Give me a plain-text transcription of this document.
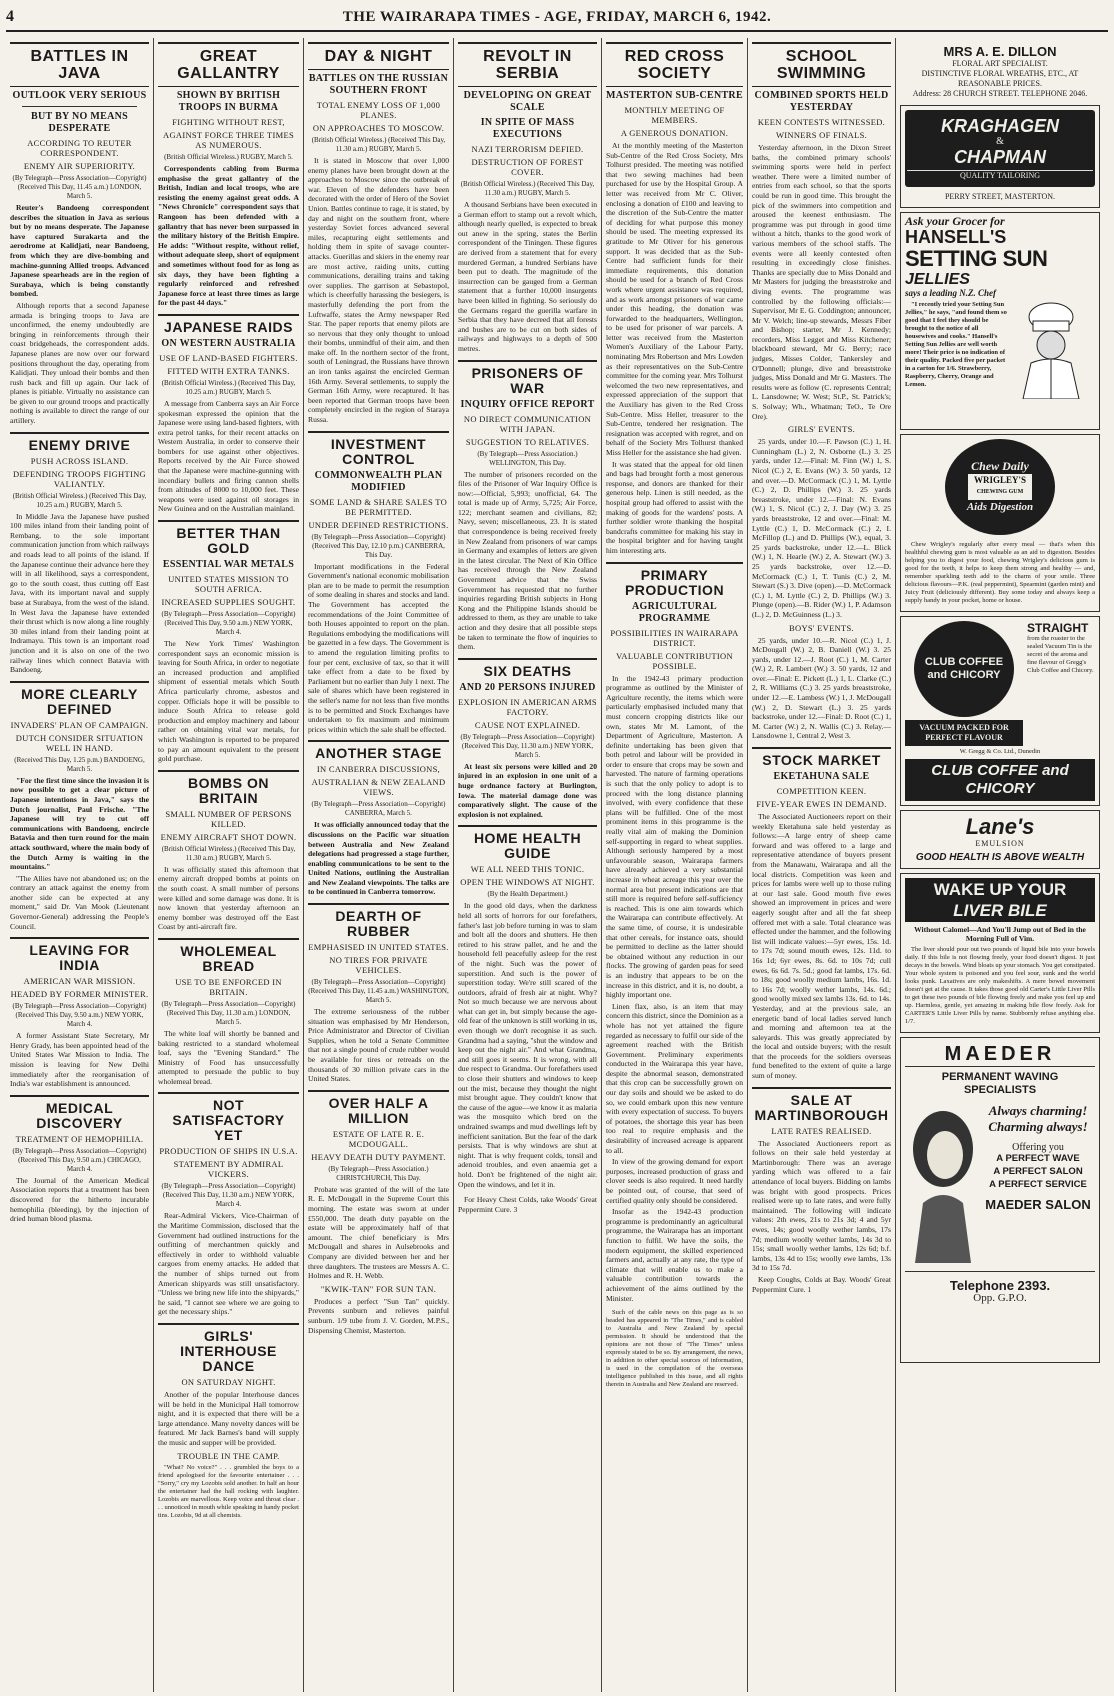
4	THE WAIRARAPA TIMES - AGE, FRIDAY, MARCH 6, 1942.
BATTLES IN JAVA
OUTLOOK VERY SERIOUS
BUT BY NO MEANS DESPERATE
ACCORDING TO REUTER CORRESPONDENT.
ENEMY AIR SUPERIORITY.
(By Telegraph—Press Association—Copyright) (Received This Day, 11.45 a.m.) LONDON, March 5.

Reuter's Bandoeng correspondent describes the situation in Java as serious but by no means desperate. The Japanese have captured Surakarta and the aerodrome at Kalidjati, near Bandoeng, from which they are dive-bombing and machine-gunning Allied troops. Advanced Japanese spearheads are in the region of Surabaya, which is being constantly bombed.

Although reports that a second Japanese armada is bringing troops to Java are unconfirmed, the enemy undoubtedly are bringing in reinforcements through their coast bridgeheads, the correspondent adds. Japanese planes are now over our forward positions throughout the day, operating from Kalidjati. They unload their bombs and then rush back and fill up again. Our lack of planes is pitiable. Virtually no assistance can be given to our ground troops and practically nothing is available to direct the range of our artillery.

ENEMY DRIVE
PUSH ACROSS ISLAND.
DEFENDING TROOPS FIGHTING VALIANTLY.
(British Official Wireless.) (Received This Day, 10.25 a.m.) RUGBY, March 5.

In Middle Java the Japanese have pushed 100 miles inland from their landing point of Rembang, to the sole important communication junction from which railways and roads lead to all points of the island. If the Japanese continue their advance here they will in all likelihood, says a correspondent, go to the south coast, thus cutting off East Java, with its important naval and supply base at Surabaya, from the west of the island. In West Java the Japanese have extended their thrust which is now along a line roughly 30 miles inland from their landing point at Indramayu. This town is an important road junction and it is also on one of the two railway lines which connect Batavia with Bandoeng.

MORE CLEARLY DEFINED
INVADERS' PLAN OF CAMPAIGN.
DUTCH CONSIDER SITUATION WELL IN HAND.
(Received This Day, 1.25 p.m.) BANDOENG, March 5.

"For the first time since the invasion it is now possible to get a clear picture of Japanese intentions in Java," says the Dutch journalist, Paul Frische. "The Japanese will try to cut off communications with Bandoeng, encircle Batavia and then turn round for the main attack southward, where the main body of the Dutch Army is waiting in the mountains."

"The Allies have not abandoned us; on the contrary an attack against the enemy from another side can be expected at any moment," said Dr. Van Mook (Lieutenant Governor-General) addressing the People's Council.

LEAVING FOR INDIA
AMERICAN WAR MISSION.
HEADED BY FORMER MINISTER.
(By Telegraph—Press Association—Copyright) (Received This Day, 9.50 a.m.) NEW YORK, March 4.

A former Assistant State Secretary, Mr Henry Grady, has been appointed head of the United States War Mission to India. The mission is leaving for New Delhi immediately after the reorganisation of India's war establishment is announced.

MEDICAL DISCOVERY
TREATMENT OF HEMOPHILIA.
(By Telegraph—Press Association—Copyright) (Received This Day, 9.50 a.m.) CHICAGO, March 4.

The Journal of the American Medical Association reports that a treatment has been discovered for the hitherto incurable hemophilia (bleeding), by the injection of dried human blood plasma.

GREAT GALLANTRY
SHOWN BY BRITISH TROOPS IN BURMA
FIGHTING WITHOUT REST,
AGAINST FORCE THREE TIMES AS NUMEROUS.
(British Official Wireless.) RUGBY, March 5.

Correspondents cabling from Burma emphasise the great gallantry of the British, Indian and local troops, who are resisting the enemy against great odds. A "News Chronicle" correspondent says that Rangoon has been defended with a gallantry that has never been surpassed in the military history of the British Empire. He adds: "Without respite, without relief, without adequate sleep, short of equipment and sometimes without food for as long as six days, they have been fighting a regularly reinforced and refreshed Japanese force at least three times as large for the past 44 days."

JAPANESE RAIDS
ON WESTERN AUSTRALIA
USE OF LAND-BASED FIGHTERS.
FITTED WITH EXTRA TANKS.
(British Official Wireless.) (Received This Day, 10.25 a.m.) RUGBY, March 5.

A message from Canberra says an Air Force spokesman expressed the opinion that the Japanese were using land-based fighters, with extra petrol tanks, for their recent attacks on Western Australia, in order to conserve their bombers for use against other objectives. Reports received by the Air Force showed that the Japanese were machine-gunning with incendiary bullets and firing cannon shells from altitudes of 8000 to 10,000 feet. These weapons were used against oil storages in New Guinea and on the Australian mainland.

BETTER THAN GOLD
ESSENTIAL WAR METALS
UNITED STATES MISSION TO SOUTH AFRICA.
INCREASED SUPPLIES SOUGHT.
(By Telegraph—Press Association—Copyright) (Received This Day, 9.50 a.m.) NEW YORK, March 4.

The New York Times' Washington correspondent says an economic mission is leaving for South Africa, in order to negotiate an increased production and amplified shipment of essential metals which South Africa particularly chrome, asbestos and copper. Officials hope it will be possible to induce South Africa to release gold production and employ machinery and labour rather on obtaining vital war metals, for which Washington is reported to be prepared to pay an amount equivalent to the present gold purchase.

BOMBS ON BRITAIN
SMALL NUMBER OF PERSONS KILLED.
ENEMY AIRCRAFT SHOT DOWN.
(British Official Wireless.) (Received This Day, 11.30 a.m.) RUGBY, March 5.

It was officially stated this afternoon that enemy aircraft dropped bombs at points on the south coast. A small number of persons were killed and some damage was done. It is now known that yesterday afternoon an enemy bomber was destroyed off the East Coast by anti-aircraft fire.

WHOLEMEAL BREAD
USE TO BE ENFORCED IN BRITAIN.
(By Telegraph—Press Association—Copyright) (Received This Day, 11.30 a.m.) LONDON, March 5.

The white loaf will shortly be banned and baking restricted to a standard wholemeal loaf, says the "Evening Standard." The Ministry of Food has unsuccessfully attempted to persuade the public to buy wholemeal bread.

NOT SATISFACTORY YET
PRODUCTION OF SHIPS IN U.S.A.
STATEMENT BY ADMIRAL VICKERS.
(By Telegraph—Press Association—Copyright) (Received This Day, 11.30 a.m.) NEW YORK, March 4.

Rear-Admiral Vickers, Vice-Chairman of the Maritime Commission, disclosed that the Government had outlined instructions for the outfitting of merchantmen quickly and effectively in order to withhold valuable cargoes from enemy attacks. He added that the number of ships turned out from American shipyards was still unsatisfactory. "Unless we bring new life into the shipyards," he said, "I cannot see where we are going to get the necessary ships."

GIRLS' INTERHOUSE DANCE
ON SATURDAY NIGHT.

Another of the popular Interhouse dances will be held in the Municipal Hall tomorrow night, and it is expected that there will be a large attendance. Many novelty dances will be featured. Mr Jack Barnes's band will supply the music and supper will be provided.

TROUBLE IN THE CAMP.

"What? No voice?" . . . grumbled the boys to a friend apologised for the favourite entertainer . . . "Sorry," cry my Lozobis sold another. In half an hour the entertainer had the hall rocking with laughter. Lozobis are marvellous. Keep voice and throat clear . . . unnoticed in mouth while speaking in handy pocket tins. Lozobis, 9d at all chemists.

DAY & NIGHT
BATTLES ON THE RUSSIAN SOUTHERN FRONT
TOTAL ENEMY LOSS OF 1,000 PLANES.
ON APPROACHES TO MOSCOW.
(British Official Wireless.) (Received This Day, 11.30 a.m.) RUGBY, March 5.

It is stated in Moscow that over 1,000 enemy planes have been brought down at the approaches to Moscow since the outbreak of war. Eleven of the defenders have been decorated with the order of Hero of the Soviet Union. Battles continue to rage, it is stated, by day and night on the southern front, where yesterday Soviet forces advanced several miles, recapturing eight settlements and holding them in spite of savage counter-attacks. Guerillas and skiers in the enemy rear are most active, raiding units, cutting communications, derailing trains and taking over supplies. The garrison at Sebastopol, which is cheerfully harassing the besiegers, is masterfully defending the port from the Luftwaffe, states the Army newspaper Red Star. The paper reports that enemy pilots are so nervous that they only thought to unload their bombs, unmindful of their aim, and then make off. In the northern sector of the front, south of Leningrad, the Russians have thrown an iron tanks against the encircled German 16th Army. Several settlements, to supply the German 16th Army, were recaptured. It has been reported that German troops have been completely encircled in the region of Staraya Russa.

INVESTMENT CONTROL
COMMONWEALTH PLAN MODIFIED
SOME LAND & SHARE SALES TO BE PERMITTED.
UNDER DEFINED RESTRICTIONS.
(By Telegraph—Press Association—Copyright) (Received This Day, 12.10 p.m.) CANBERRA, This Day.

Important modifications in the Federal Government's national economic mobilisation plan are to be made to permit the resumption of some dealing in shares and stocks and land. The Government has accepted the recommendations of the Joint Committee of both Houses appointed to report on the plan. Regulations embodying the modifications will be gazetted in a few days. The Government is to amend the regulation limiting profits to four per cent, exclusive of tax, so that it will take effect from a date to be fixed by Parliament but no earlier than July 1 next. The sale of shares which have been registered in the seller's name for not less than five months is to be permitted and Stock Exchanges have undertaken to fix maximum and minimum prices within which the sale shall be effected.

ANOTHER STAGE
IN CANBERRA DISCUSSIONS,
AUSTRALIAN & NEW ZEALAND VIEWS.
(By Telegraph—Press Association—Copyright) CANBERRA, March 5.

It was officially announced today that the discussions on the Pacific war situation between Australia and New Zealand delegations had progressed a stage further, enabling communications to be sent to the United Nations, outlining the Australian and New Zealand viewpoints. The talks are to be continued in Canberra tomorrow.

DEARTH OF RUBBER
EMPHASISED IN UNITED STATES.
NO TIRES FOR PRIVATE VEHICLES.
(By Telegraph—Press Association—Copyright) (Received This Day, 11.45 a.m.) WASHINGTON, March 5.

The extreme seriousness of the rubber situation was emphasised by Mr Henderson, Price Administrator and Director of Civilian Supplies, when he told a Senate Committee that not a single pound of crude rubber would be available for tires or retreads on the thousands of 30 million private cars in the United States.

OVER HALF A MILLION
ESTATE OF LATE R. E. MCDOUGALL.
HEAVY DEATH DUTY PAYMENT.
(By Telegraph—Press Association.) CHRISTCHURCH, This Day.

Probate was granted of the will of the late R. E. McDougall in the Supreme Court this morning. The estate was sworn at under £550,000. The death duty payable on the estate will be approximately half of that amount. The chief beneficiary is Mrs McDougall and shares in Aulsebrooks and Company are divided between her and her three daughters. The trustees are Messrs A. C. Holmes and R. H. Webb.

"KWIK-TAN" FOR SUN TAN.

Produces a perfect "Sun Tan" quickly. Prevents sunburn and relieves painful sunburn. 1/9 tube from J. V. Gorden, M.P.S., Dispensing Chemist, Masterton.

REVOLT IN SERBIA
DEVELOPING ON GREAT SCALE
IN SPITE OF MASS EXECUTIONS
NAZI TERRORISM DEFIED.
DESTRUCTION OF FOREST COVER.
(British Official Wireless.) (Received This Day, 11.30 a.m.) RUGBY, March 5.

A thousand Serbians have been executed in a German effort to stamp out a revolt which, although nearly quelled, is expected to break out anew in the spring, states the Berlin correspondent of the Tiningen. These figures are derived from a statement that for every murdered German, a hundred Serbians have been put to death. The magnitude of the insurrection can be gauged from a German statement that a further 10,000 insurgents have been killed in fighting. So seriously do the Germans regard the guerilla warfare in Serbia that they have decreed that all forests and bushes are to be cut on both sides of railways and highways to a depth of 500 metres.

PRISONERS OF WAR
INQUIRY OFFICE REPORT
NO DIRECT COMMUNICATION WITH JAPAN.
SUGGESTION TO RELATIVES.
(By Telegraph—Press Association.) WELLINGTON, This Day.

The number of prisoners recorded on the files of the Prisoner of War Inquiry Office is now:—Official, 5,993; unofficial, 64. The total is made up of Army, 5,725; Air Force, 122; merchant seamen and civilians, 82; Navy, seven; miscellaneous, 23. It is stated that correspondence is being received freely in New Zealand from prisoners of war camps in Germany and examples of letters are given in the latest circular. The Next of Kin Office has received through the New Zealand Government advice that the Swiss Government has requested that no further inquiries regarding British subjects in Hong Kong and the Philippine Islands should be addressed to them, as they are unable to take action and they desire that all possible steps be taken to terminate the flow of inquiries to them.

SIX DEATHS
AND 20 PERSONS INJURED
EXPLOSION IN AMERICAN ARMS FACTORY.
CAUSE NOT EXPLAINED.
(By Telegraph—Press Association—Copyright) (Received This Day, 11.30 a.m.) NEW YORK, March 5.

At least six persons were killed and 20 injured in an explosion in one unit of a huge ordnance factory at Burlington, Iowa. The material damage done was comparatively slight. The cause of the explosion is not explained.

HOME HEALTH GUIDE
WE ALL NEED THIS TONIC.
OPEN THE WINDOWS AT NIGHT.
(By the Health Department.)

In the good old days, when the darkness held all sorts of horrors for our forefathers, father's last job before turning in was to slam and bolt all the doors and shutters. He then retired to his straw pallet, and he and the household fell peacefully asleep for the rest of the night. Such was the power of superstition. And such is the power of superstition today. We're still scared of the outdoors, afraid of fresh air at night. Why? Not so much because we are nervous about what can get in, but simply because the age-old fear of the unknown is still working in us, even though we don't recognise it as such. Grandma had a saying, "shut the window and keep out the night air." And what Grandma, and still goes it seems. It is wrong, with all due respect to Grandma. Our forefathers used to close their shutters and windows to keep out the mist, because they thought the night mist brought ague. They couldn't know that the cause of the ague—we know it as malaria was the mosquito which bred on the undrained swamps and mud dwellings left by inefficient sanitation. But the fear of the dark persists. That is why windows are shut at night. That is why frequent colds, tonsil and adenoid troubles, and even anaemia get a hold. Don't be frightened of the night air. Open the windows, and let it in.

For Heavy Chest Colds, take Woods' Great Peppermint Cure. 3

RED CROSS SOCIETY
MASTERTON SUB-CENTRE
MONTHLY MEETING OF MEMBERS.
A GENEROUS DONATION.

At the monthly meeting of the Masterton Sub-Centre of the Red Cross Society, Mrs Tolhurst presided. The meeting was notified that two sewing machines had been purchased for use by the Hospital Group. A letter was received from Mr C. Oliver, enclosing a donation of £100 and leaving to the discretion of the Sub-Centre the matter of deciding for what purpose this money should be used. The meeting expressed its gratitude to Mr Oliver for his generous support. It was decided that as the Sub-Centre had sufficient funds for their immediate requirements, this donation should be used for a branch of Red Cross work where urgent assistance was required, and as work amongst prisoners of war came under this heading, the donation was forwarded to the headquarters, Wellington, to be used for prisoner of war parcels. A letter was received from the Masterton Women's Auxiliary of the Labour Party, nominating Mrs Robertson and Mrs Lowden as their representatives on the Sub-Centre committee for the coming year. Mrs Tolhurst welcomed the two new representatives, and expressed appreciation of the support that the Auxiliary has given to the Red Cross Sub-Centre. Miss Heller, treasurer to the Sub-Centre, tendered her resignation. The resignation was accepted with regret, and on behalf of the Society Mrs Tolhurst thanked Miss Heller for the assistance she had given.

It was stated that the appeal for old linen and bags had brought forth a most generous response, and donors are thanked for their generous help. Linen is still needed, as the hospital group had offered to assist with the making of goods for the wardens' posts. A further soldier wrote thanking the hospital bandcrafts committee for making his stay in the hospital brighter and for having taught him interesting arts.

PRIMARY PRODUCTION
AGRICULTURAL PROGRAMME
POSSIBILITIES IN WAIRARAPA DISTRICT.
VALUABLE CONTRIBUTION POSSIBLE.

In the 1942-43 primary production programme as outlined by the Minister of Agriculture recently, the items which were particularly emphasised included many that must concern cropping districts like our own, states Mr M. Lamont, of the Department of Agriculture, Masterton. A definite undertaking has been given that both petrol and labour will be provided in order to ensure that crops may be sown and harvested. The nature of farming operations is such that the only policy to adopt is to proceed with the long distance planning involved, with every confidence that these plans will be fulfilled. One of the most prominent items in this programme is the really vital aim of making the Dominion self-supporting in regard to wheat supplies. Although seriously hampered by a most unfavourable season, Wairarapa farmers have already achieved a very substantial increase in wheat acreage this year over the normal area but present indications are that still more is required before self-sufficiency is reached. This is one aim towards which the Wairarapa can contribute effectively. At the same time, of course, it is undesirable that other cereals, for instance oats, should be permitted to decline as the latter should be obtained without any reduction in our flocks. The growing of garden peas for seed is an industry that appears to be on the increase in this district, and it is, no doubt, a highly important one.

Linen flax, also, is an item that may concern this district, since the Dominion as a whole has not yet attained the figure regarded as necessary to fulfil our side of the agreement reached with the British Government. Preliminary experiments conducted in the Wairarapa this year have, despite the abnormal season, demonstrated that this crop can be successfully grown on our day soils and should we be asked to do so, we could embark upon this new venture with every expectation of success. To buyers of potatoes, the shortage this year has been too real to require emphasis and the desirability of increased acreage is apparent to all.

In view of the growing demand for export purposes, increased production of grass and clover seeds is also required. It need hardly be pointed out, of course, that seed of certified quality only should be considered.

Insofar as the 1942-43 production programme is predominantly an agricultural programme, the Wairarapa has an important function to fulfil. We have the soils, the modern equipment, the skilled experienced farmers and, actually at any rate, the type of climate that will enable us to make a valuable contribution towards the achievement of the aims outlined by the Minister.

Such of the cable news on this page as is so headed has appeared in "The Times," and is cabled to Australia and New Zealand by special permission. It should be understood that the opinions are not those of "The Times" unless expressly stated to be so. By arrangement, the news, in addition to other special sources of information, is used in the compilation of the overseas intelligence published in this issue, and all rights therein in Australia and New Zealand are reserved.

SCHOOL SWIMMING
COMBINED SPORTS HELD YESTERDAY
KEEN CONTESTS WITNESSED.
WINNERS OF FINALS.

Yesterday afternoon, in the Dixon Street baths, the combined primary schools' swimming sports were held in perfect weather. There were a limited number of entries from each school, so that the sports could be run in good time. This brought the pick of the swimmers into competition and aroused the keenest enthusiasm. The programme was put through in good time without a hitch, thanks to the good work of various members of the school staffs. The events were all keenly contested often resulting in exceedingly close finishes. Thanks are specially due to Miss Donald and Mr Masters for judging the breaststroke and diving events. The programme was controlled by the following officials:—Supervisor, Mr E. G. Coddington; announcer, Mr V. Welch; line-up stewards, Messrs Fiber and Bishop; starter, Mr J. Kennedy; recorders, Miss Legget and Miss Kitchener; blackboard steward, Mr G. Berry; race judges, Misses Colder, Tankersley and O'Donnell; plunge, dive and breaststroke judges, Miss Donald and Mr G. Masters. The results were as follow (C. represents Central; L. Lansdowne; W. West; St.P., St. Patrick's; S. Solway; Wh., Whatman; TeO., Te Ore Ore).

GIRLS' EVENTS.

25 yards, under 10.—F. Pawson (C.) 1, H. Cunningham (L.) 2, N. Osborne (L.) 3. 25 yards, under 12.—Final: M. Finn (W.) 1, S. Nicol (C.) 2, E. Evans (W.) 3. 50 yards, 12 and over.—D. McCormack (C.) 1, M. Lyttle (C.) 2, D. Phillips (W.) 3. 25 yards breaststroke, under 12.—Final: N. Evans (W.) 1, S. Nicol (C.) 2, J. Day (W.) 3. 25 yards breaststroke, 12 and over.—Final: M. Lyttle (C.) 1, D. McCormack (C.) 2, I. McFillop (L.) and D. Phillips (W.), equal, 3. 25 yards backstroke, under 12.—L. Blick (W.) 1, N. Hearle (W.) 2, A. Stewart (W.) 3. 25 yards backstroke, over 12.—D. McCormack (C.) 1, T. Tunis (C.) 2, M. Stewart (S.) 3. Dive (open).—D. McCormack (C.) 1, M. Lyttle (C.) 2, D. Phillips (W.) 3. Plunge (open).—B. Rider (W.) 1, P. Adamson (L.) 2, D. McGuinness (L.) 3.

BOYS' EVENTS.

25 yards, under 10.—R. Nicol (C.) 1, J. McDougall (W.) 2, B. Daniell (W.) 3. 25 yards, under 12.—J. Root (C.) 1, M. Carter (W.) 2, R. Lambert (W.) 3. 50 yards, 12 and over.—Final: E. Pickett (L.) 1, L. Clarke (C.) 2, R. Williams (C.) 3. 25 yards breaststroke, under 12.—E. Lambess (W.) 1, J. McDougall (W.) 2, D. Stewart (L.) 3. 25 yards backstroke, under 12.—Final: D. Root (C.) 1, M. Carter (W.) 2, N. Wallis (C.) 3. Relay.—Lansdowne 1, Central 2, West 3.

STOCK MARKET
EKETAHUNA SALE
COMPETITION KEEN.
FIVE-YEAR EWES IN DEMAND.

The Associated Auctioneers report on their weekly Eketahuna sale held yesterday as follows:—A large entry of sheep came forward and was offered to a large and representative attendance of buyers present from the Manawatu, Wairarapa and all the local districts. Competition was keen and prices for lambs were well up to those ruling at our last sale. Good mouth five ewes showed an improvement in prices and were eagerly sought after and all the fat sheep offered met with a sale. Total clearance was effected under the hammer, and the following list will indicate values:—5yr ewes, 15s. 1d. to 17s 7d; sound mouth ewes, 12s. 11d. to 16s 1d; 6yr ewes, 8s. 6d. to 10s 7d; cull ewes, 6s 6d. 7s. 5d.; good fat lambs, 17s. 6d. to 18s; good woolly medium lambs, 16s. 1d. to 16s 7d; woolly wether lambs, 14s. 6d.; good woolly mixed sex lambs 13s. 6d. to 14s. Yesterday, and at the previous sale, an energetic band of local ladies served lunch and morning and afternoon tea at the saleyards. This was greatly appreciated by the local and outside buyers; with the result that the proceeds for the soldiers overseas fund benefited to the extent of quite a large sum of money.

SALE AT MARTINBOROUGH
LATE RATES REALISED.

The Associated Auctioneers report as follows on their sale held yesterday at Martinborough: There was an average yarding which was offered to a fair attendance of local buyers. Bidding on lambs was bright with good prospects. Prices realised were up to late rates, and were fully maintained. The following will indicate values: 2th ewes, 21s to 21s 3d; 4 and 5yr ewes, 14s; good woolly wether lambs, 17s 7d; medium woolly wether lambs, 14s 3d to 15s; small woolly wether lambs, 12s 6d; b.f. lambs, 13s 4d to 15s; woolly ewe lambs, 13s 3d to 15s 7d.

Keep Coughs, Colds at Bay. Woods' Great Peppermint Cure. 1

MRS A. E. DILLON
FLORAL ART SPECIALIST.
DISTINCTIVE FLORAL WREATHS, ETC., AT REASONABLE PRICES.
Address: 28 CHURCH STREET. TELEPHONE 2046.
KRAGHAGEN
&
CHAPMAN
QUALITY TAILORING
PERRY STREET, MASTERTON.
Ask your Grocer for
HANSELL'S
SETTING SUN
JELLIES
says a leading N.Z. Chef

"I recently tried your Setting Sun Jellies," he says, "and found them so good that I feel they should be brought to the notice of all housewives and cooks." Hansell's Setting Sun Jellies are well worth more! Their price is no indication of their quality. Packed five per packet in a carton for 1/6. Strawberry, Raspberry, Cherry, Orange and Lemon.

Chew Daily
WRIGLEY'S
CHEWING GUM
Aids Digestion

Chew Wrigley's regularly after every meal — that's when this healthful chewing gum is most valuable as an aid to digestion. Besides helping you to digest your food, chewing Wrigley's delicious gum is good for the teeth, it helps to keep them strong and healthy — and, remember sparkling teeth add to the charm of your smile. Three delicious flavours—P.K. (real peppermint), Spearmint (garden mint) and Juicy Fruit (deliciously different). Buy some today and always keep a supply handy in your pocket, home or house.

CLUB COFFEE and CHICORY
VACUUM PACKED FOR PERFECT FLAVOUR
STRAIGHT

from the roaster to the sealed Vacuum Tin is the secret of the aroma and fine flavour of Gregg's Club Coffee and Chicory.

W. Gregg & Co. Ltd., Dunedin
CLUB COFFEE and CHICORY
Lane's
EMULSION
GOOD HEALTH IS ABOVE WEALTH
WAKE UP YOUR
LIVER BILE
Without Calomel—And You'll Jump out of Bed in the Morning Full of Vim.

The liver should pour out two pounds of liquid bile into your bowels daily. If this bile is not flowing freely, your food doesn't digest. It just decays in the bowels. Wind bloats up your stomach. You get constipated. Your whole system is poisoned and you feel sour, sunk and the world looks punk. Laxatives are only makeshifts. A mere bowel movement doesn't get at the cause. It takes those good old Carter's Little Liver Pills to get these two pounds of bile flowing freely and make you feel up and up. Harmless, gentle, yet amazing in making bile flow freely. Ask for CARTER'S Little Liver Pills by name. Stubbornly refuse anything else. 1/7.

MAEDER
PERMANENT WAVING SPECIALISTS
Always charming! Charming always!
Offering you
A PERFECT WAVE
A PERFECT SALON
A PERFECT SERVICE
MAEDER SALON
Telephone 2393.
Opp. G.P.O.
